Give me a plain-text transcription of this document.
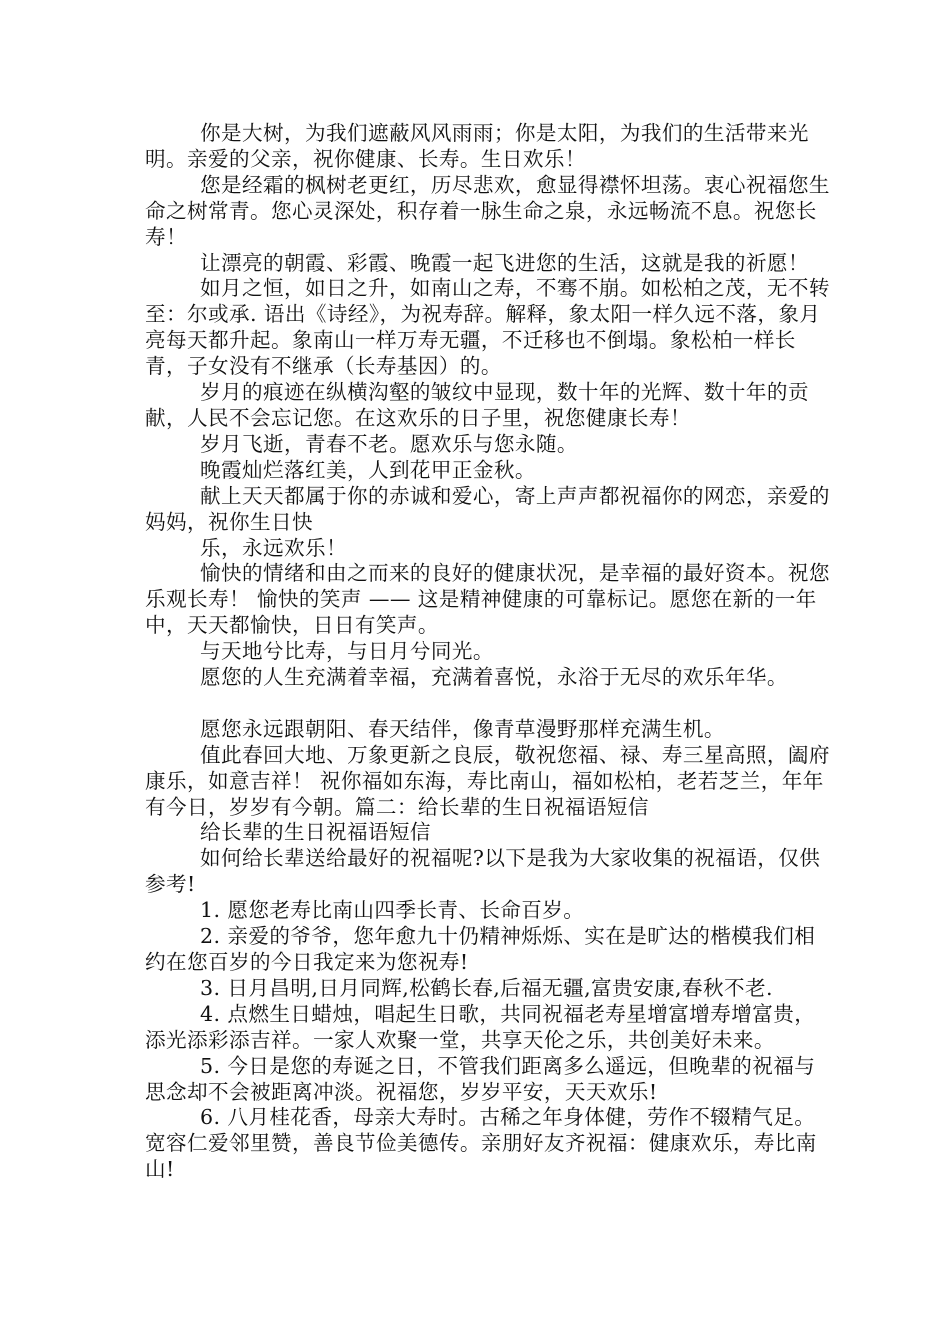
你是大树，为我们遮蔽风风雨雨；你是太阳，为我们的生活带来光明。亲爱的父亲，祝你健康、长寿。生日欢乐！

您是经霜的枫树老更红，历尽悲欢，愈显得襟怀坦荡。衷心祝福您生命之树常青。您心灵深处，积存着一脉生命之泉，永远畅流不息。祝您长寿！

让漂亮的朝霞、彩霞、晚霞一起飞进您的生活，这就是我的祈愿！

如月之恒，如日之升，如南山之寿，不骞不崩。如松柏之茂，无不转至：尔或承. 语出《诗经》，为祝寿辞。解释，象太阳一样久远不落，象月亮每天都升起。象南山一样万寿无疆，不迁移也不倒塌。象松柏一样长青，子女没有不继承（长寿基因）的。

岁月的痕迹在纵横沟壑的皱纹中显现，数十年的光辉、数十年的贡献，人民不会忘记您。在这欢乐的日子里，祝您健康长寿！

岁月飞逝，青春不老。愿欢乐与您永随。

晚霞灿烂落红美，人到花甲正金秋。

献上天天都属于你的赤诚和爱心，寄上声声都祝福你的网恋，亲爱的妈妈，祝你生日快

乐，永远欢乐！

愉快的情绪和由之而来的良好的健康状况，是幸福的最好资本。祝您乐观长寿！ 愉快的笑声 —— 这是精神健康的可靠标记。愿您在新的一年中，天天都愉快，日日有笑声。

与天地兮比寿，与日月兮同光。

愿您的人生充满着幸福，充满着喜悦，永浴于无尽的欢乐年华。

愿您永远跟朝阳、春天结伴，像青草漫野那样充满生机。

值此春回大地、万象更新之良辰，敬祝您福、禄、寿三星高照，阖府康乐，如意吉祥！ 祝你福如东海，寿比南山，福如松柏，老若芝兰，年年有今日，岁岁有今朝。篇二：给长辈的生日祝福语短信

给长辈的生日祝福语短信

如何给长辈送给最好的祝福呢?以下是我为大家收集的祝福语，仅供参考!

1. 愿您老寿比南山四季长青、长命百岁。

2. 亲爱的爷爷，您年愈九十仍精神烁烁、实在是旷达的楷模我们相约在您百岁的今日我定来为您祝寿!

3. 日月昌明,日月同辉,松鹤长春,后福无疆,富贵安康,春秋不老.

4. 点燃生日蜡烛，唱起生日歌，共同祝福老寿星增富增寿增富贵，添光添彩添吉祥。一家人欢聚一堂，共享天伦之乐，共创美好未来。

5. 今日是您的寿诞之日，不管我们距离多么遥远，但晚辈的祝福与思念却不会被距离冲淡。祝福您，岁岁平安，天天欢乐!

6. 八月桂花香，母亲大寿时。古稀之年身体健，劳作不辍精气足。宽容仁爱邻里赞，善良节俭美德传。亲朋好友齐祝福：健康欢乐，寿比南山!
